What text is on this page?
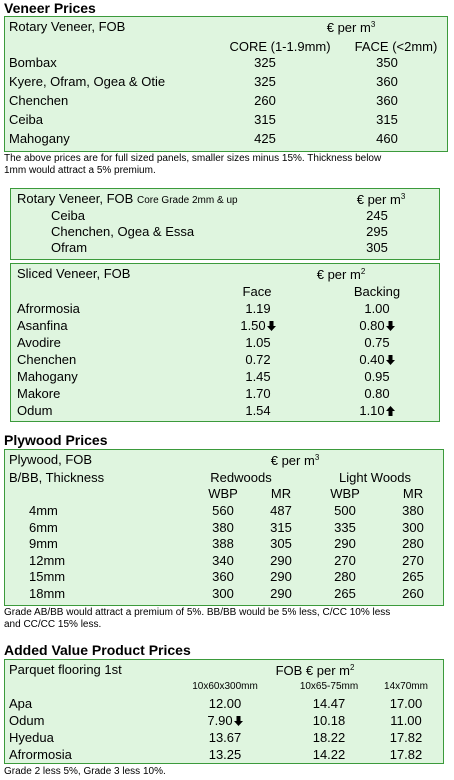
Veneer Prices
Rotary Veneer, FOB	€ per $m^3$
CORE (1-1.9mm)	FACE (<2mm)
Bombax	325	350
Kyere, Ofram, Ogea & Otie	325	360
Chenchen	260	360
Ceiba	315	315
Mahogany	425	460
The above prices are for full sized panels, smaller sizes minus 15%. Thickness below
1mm would attract a 5% premium.
Rotary Veneer, FOB Core Grade 2mm & up	€ per $m^3$
Ceiba	245
Chenchen, Ogea & Essa	295
Ofram	305
Sliced Veneer, FOB	€ per $m^2$
Face	Backing
Afrormosia	1.19	1.00
Asanfina	1.50	0.80
Avodire	1.05	0.75
Chenchen	0.72	0.40
Mahogany	1.45	0.95
Makore	1.70	0.80
Odum	1.54	1.10
Plywood Prices
Plywood, FOB	€ per $m^3$
B/BB, Thickness	Redwoods	Light Woods
WBP	MR	WBP	MR
4mm	560	487	500	380
6mm	380	315	335	300
9mm	388	305	290	280
12mm	340	290	270	270
15mm	360	290	280	265
18mm	300	290	265	260
Grade AB/BB would attract a premium of 5%. BB/BB would be 5% less, C/CC 10% less
and CC/CC 15% less.
Added Value Product Prices
Parquet flooring 1st	FOB € per $m^2$
10x60x300mm	10x65-75mm	14x70mm
Apa	12.00	14.47	17.00
Odum	7.90	10.18	11.00
Hyedua	13.67	18.22	17.82
Afrormosia	13.25	14.22	17.82
Grade 2 less 5%, Grade 3 less 10%.
